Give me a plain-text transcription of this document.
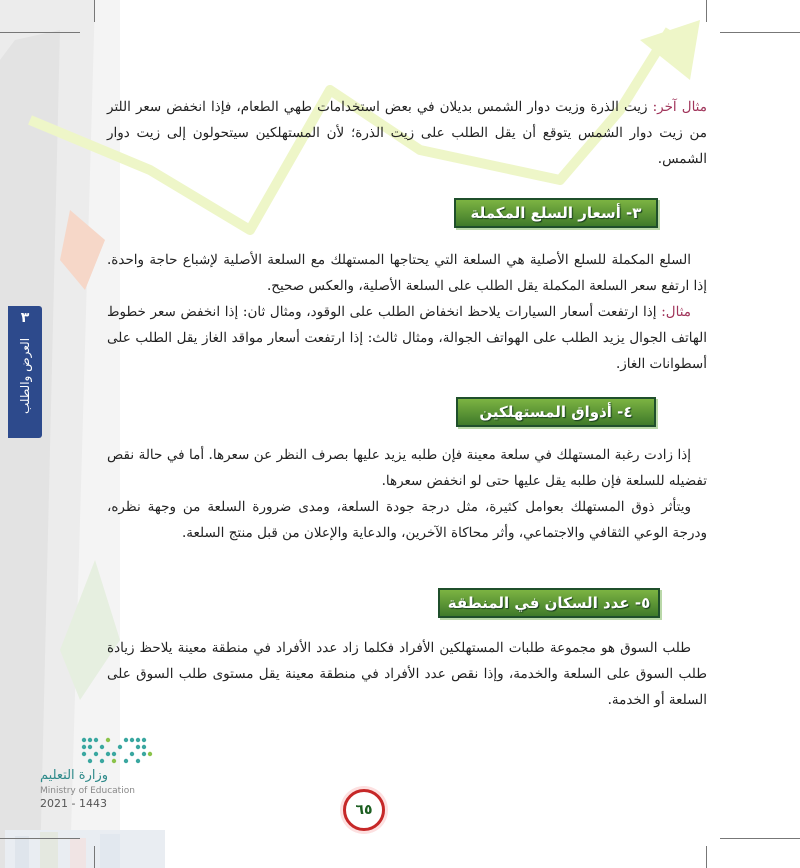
٣
العرض والطلب

مثال آخر: زيت الذرة وزيت دوار الشمس بديلان في بعض استخدامات طهي الطعام، فإذا انخفض سعر اللتر من زيت دوار الشمس يتوقع أن يقل الطلب على زيت الذرة؛ لأن المستهلكين سيتحولون إلى زيت دوار الشمس.

٣- أسعار السلع المكملة

السلع المكملة للسلع الأصلية هي السلعة التي يحتاجها المستهلك مع السلعة الأصلية لإشباع حاجة واحدة. إذا ارتفع سعر السلعة المكملة يقل الطلب على السلعة الأصلية، والعكس صحيح.

مثال: إذا ارتفعت أسعار السيارات يلاحظ انخفاض الطلب على الوقود، ومثال ثان: إذا انخفض سعر خطوط الهاتف الجوال يزيد الطلب على الهواتف الجوالة، ومثال ثالث: إذا ارتفعت أسعار مواقد الغاز يقل الطلب على أسطوانات الغاز.

٤- أذواق المستهلكين

إذا زادت رغبة المستهلك في سلعة معينة فإن طلبه يزيد عليها بصرف النظر عن سعرها. أما في حالة نقص تفضيله للسلعة فإن طلبه يقل عليها حتى لو انخفض سعرها.

ويتأثر ذوق المستهلك بعوامل كثيرة، مثل درجة جودة السلعة، ومدى ضرورة السلعة من وجهة نظره، ودرجة الوعي الثقافي والاجتماعي، وأثر محاكاة الآخرين، والدعاية والإعلان من قبل منتج السلعة.

٥- عدد السكان في المنطقة

طلب السوق هو مجموعة طلبات المستهلكين الأفراد فكلما زاد عدد الأفراد في منطقة معينة يلاحظ زيادة طلب السوق على السلعة والخدمة، وإذا نقص عدد الأفراد في منطقة معينة يقل مستوى طلب السوق على السلعة أو الخدمة.

وزارة التعليم
Ministry of Education
2021 - 1443	٦٥
